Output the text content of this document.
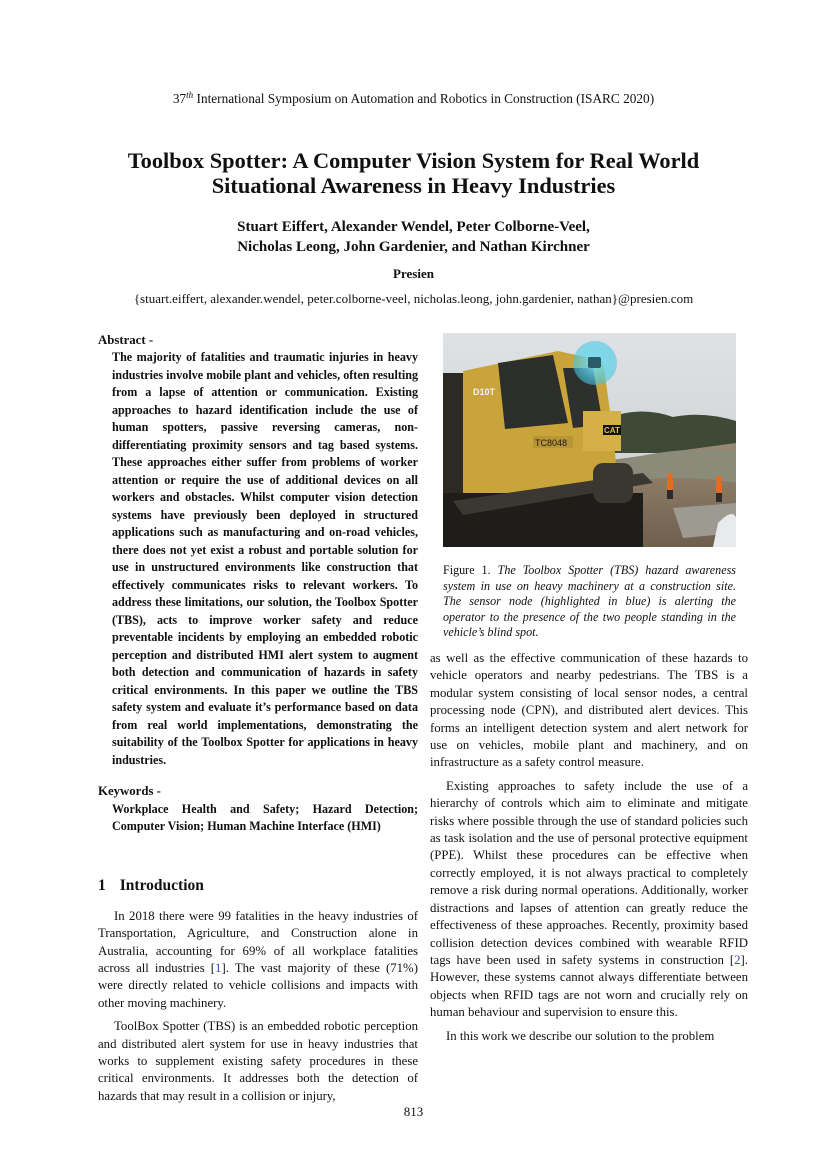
37th International Symposium on Automation and Robotics in Construction (ISARC 2020)
Toolbox Spotter: A Computer Vision System for Real World
Situational Awareness in Heavy Industries
Stuart Eiffert, Alexander Wendel, Peter Colborne-Veel,
Nicholas Leong, John Gardenier, and Nathan Kirchner
Presien
{stuart.eiffert, alexander.wendel, peter.colborne-veel, nicholas.leong, john.gardenier, nathan}@presien.com

Abstract -

The majority of fatalities and traumatic injuries in heavy industries involve mobile plant and vehicles, often resulting from a lapse of attention or communication. Existing approaches to hazard identification include the use of human spotters, passive reversing cameras, non-differentiating proximity sensors and tag based systems. These approaches either suffer from problems of worker attention or require the use of additional devices on all workers and obstacles. Whilst computer vision detection systems have previously been deployed in structured applications such as manufacturing and on-road vehicles, there does not yet exist a robust and portable solution for use in unstructured environments like construction that effectively communicates risks to relevant workers. To address these limitations, our solution, the Toolbox Spotter (TBS), acts to improve worker safety and reduce preventable incidents by employing an embedded robotic perception and distributed HMI alert system to augment both detection and communication of hazards in safety critical environments. In this paper we outline the TBS safety system and evaluate it’s performance based on data from real world implementations, demonstrating the suitability of the Toolbox Spotter for applications in heavy industries.

Keywords -

Workplace Health and Safety; Hazard Detection; Computer Vision; Human Machine Interface (HMI)

1 Introduction

In 2018 there were 99 fatalities in the heavy industries of Transportation, Agriculture, and Construction alone in Australia, accounting for 69% of all workplace fatalities across all industries [1]. The vast majority of these (71%) were directly related to vehicle collisions and impacts with other moving machinery.

ToolBox Spotter (TBS) is an embedded robotic perception and distributed alert system for use in heavy industries that works to supplement existing safety procedures in these critical environments. It addresses both the detection of hazards that may result in a collision or injury,

TC8048
CAT
D10T
Figure 1. The Toolbox Spotter (TBS) hazard awareness system in use on heavy machinery at a construction site. The sensor node (highlighted in blue) is alerting the operator to the presence of the two people standing in the vehicle’s blind spot.

as well as the effective communication of these hazards to vehicle operators and nearby pedestrians. The TBS is a modular system consisting of local sensor nodes, a central processing node (CPN), and distributed alert devices. This forms an intelligent detection system and alert network for use on vehicles, mobile plant and machinery, and on infrastructure as a safety control measure.

Existing approaches to safety include the use of a hierarchy of controls which aim to eliminate and mitigate risks where possible through the use of standard policies such as task isolation and the use of personal protective equipment (PPE). Whilst these procedures can be effective when correctly employed, it is not always practical to completely remove a risk during normal operations. Additionally, worker distractions and lapses of attention can greatly reduce the effectiveness of these approaches. Recently, proximity based collision detection devices combined with wearable RFID tags have been used in safety systems in construction [2]. However, these systems cannot always differentiate between objects when RFID tags are not worn and crucially rely on human behaviour and supervision to ensure this.

In this work we describe our solution to the problem

813
